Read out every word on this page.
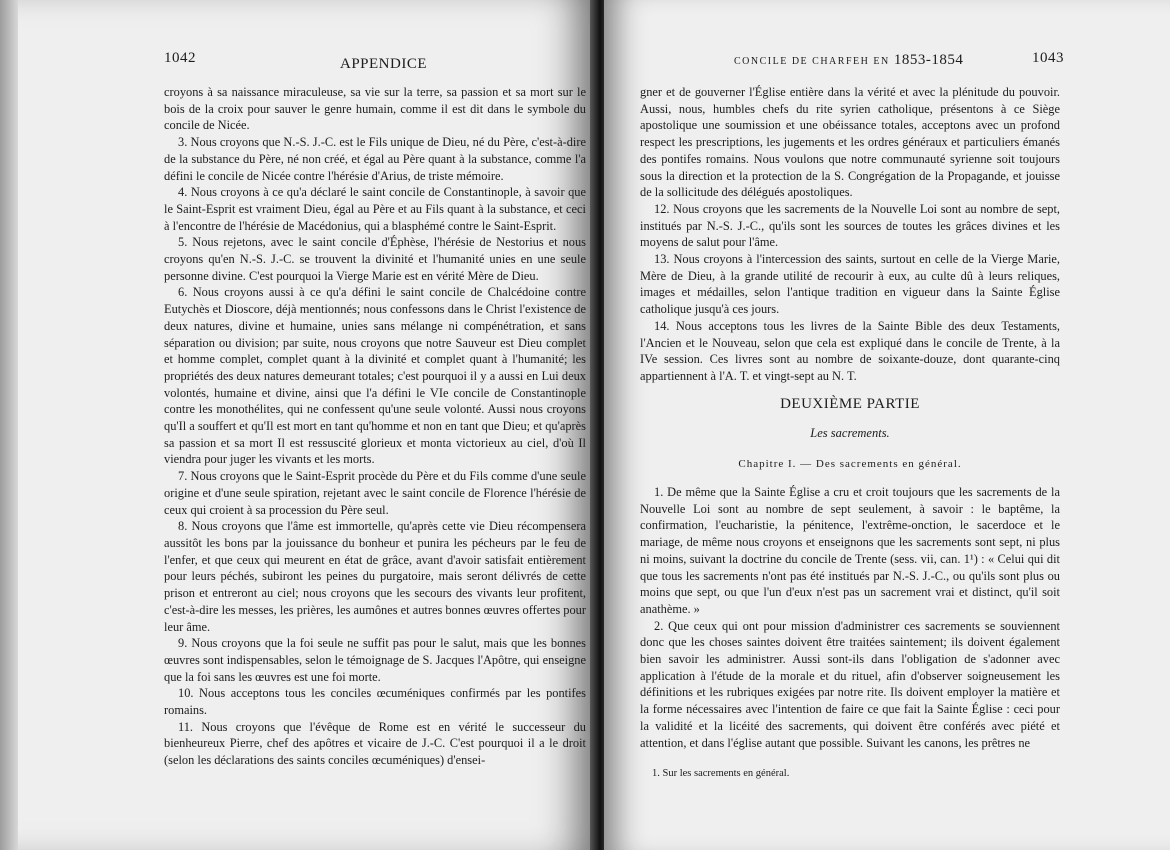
1042	APPENDICE

croyons à sa naissance miraculeuse, sa vie sur la terre, sa passion et sa mort sur le bois de la croix pour sauver le genre humain, comme il est dit dans le symbole du concile de Nicée.

3. Nous croyons que N.-S. J.-C. est le Fils unique de Dieu, né du Père, c'est-à-dire de la substance du Père, né non créé, et égal au Père quant à la substance, comme l'a défini le concile de Nicée contre l'hérésie d'Arius, de triste mémoire.

4. Nous croyons à ce qu'a déclaré le saint concile de Constantinople, à savoir que le Saint-Esprit est vraiment Dieu, égal au Père et au Fils quant à la substance, et ceci à l'encontre de l'hérésie de Macédonius, qui a blasphémé contre le Saint-Esprit.

5. Nous rejetons, avec le saint concile d'Éphèse, l'hérésie de Nestorius et nous croyons qu'en N.-S. J.-C. se trouvent la divinité et l'humanité unies en une seule personne divine. C'est pourquoi la Vierge Marie est en vérité Mère de Dieu.

6. Nous croyons aussi à ce qu'a défini le saint concile de Chalcédoine contre Eutychès et Dioscore, déjà mentionnés; nous confessons dans le Christ l'existence de deux natures, divine et humaine, unies sans mélange ni compénétration, et sans séparation ou division; par suite, nous croyons que notre Sauveur est Dieu complet et homme complet, complet quant à la divinité et complet quant à l'humanité; les propriétés des deux natures demeurant totales; c'est pourquoi il y a aussi en Lui deux volontés, humaine et divine, ainsi que l'a défini le VIe concile de Constantinople contre les monothélites, qui ne confessent qu'une seule volonté. Aussi nous croyons qu'Il a souffert et qu'Il est mort en tant qu'homme et non en tant que Dieu; et qu'après sa passion et sa mort Il est ressuscité glorieux et monta victorieux au ciel, d'où Il viendra pour juger les vivants et les morts.

7. Nous croyons que le Saint-Esprit procède du Père et du Fils comme d'une seule origine et d'une seule spiration, rejetant avec le saint concile de Florence l'hérésie de ceux qui croient à sa procession du Père seul.

8. Nous croyons que l'âme est immortelle, qu'après cette vie Dieu récompensera aussitôt les bons par la jouissance du bonheur et punira les pécheurs par le feu de l'enfer, et que ceux qui meurent en état de grâce, avant d'avoir satisfait entièrement pour leurs péchés, subiront les peines du purgatoire, mais seront délivrés de cette prison et entreront au ciel; nous croyons que les secours des vivants leur profitent, c'est-à-dire les messes, les prières, les aumônes et autres bonnes œuvres offertes pour leur âme.

9. Nous croyons que la foi seule ne suffit pas pour le salut, mais que les bonnes œuvres sont indispensables, selon le témoignage de S. Jacques l'Apôtre, qui enseigne que la foi sans les œuvres est une foi morte.

10. Nous acceptons tous les conciles œcuméniques confirmés par les pontifes romains.

11. Nous croyons que l'évêque de Rome est en vérité le successeur du bienheureux Pierre, chef des apôtres et vicaire de J.-C. C'est pourquoi il a le droit (selon les déclarations des saints conciles œcuméniques) d'ensei-

CONCILE DE CHARFEH EN 1853-1854	1043

gner et de gouverner l'Église entière dans la vérité et avec la plénitude du pouvoir. Aussi, nous, humbles chefs du rite syrien catholique, présentons à ce Siège apostolique une soumission et une obéissance totales, acceptons avec un profond respect les prescriptions, les jugements et les ordres généraux et particuliers émanés des pontifes romains. Nous voulons que notre communauté syrienne soit toujours sous la direction et la protection de la S. Congrégation de la Propagande, et jouisse de la sollicitude des délégués apostoliques.

12. Nous croyons que les sacrements de la Nouvelle Loi sont au nombre de sept, institués par N.-S. J.-C., qu'ils sont les sources de toutes les grâces divines et les moyens de salut pour l'âme.

13. Nous croyons à l'intercession des saints, surtout en celle de la Vierge Marie, Mère de Dieu, à la grande utilité de recourir à eux, au culte dû à leurs reliques, images et médailles, selon l'antique tradition en vigueur dans la Sainte Église catholique jusqu'à ces jours.

14. Nous acceptons tous les livres de la Sainte Bible des deux Testaments, l'Ancien et le Nouveau, selon que cela est expliqué dans le concile de Trente, à la IVe session. Ces livres sont au nombre de soixante-douze, dont quarante-cinq appartiennent à l'A. T. et vingt-sept au N. T.

DEUXIÈME PARTIE
Les sacrements.
Chapitre I. — Des sacrements en général.

1. De même que la Sainte Église a cru et croit toujours que les sacrements de la Nouvelle Loi sont au nombre de sept seulement, à savoir : le baptême, la confirmation, l'eucharistie, la pénitence, l'extrême-onction, le sacerdoce et le mariage, de même nous croyons et enseignons que les sacrements sont sept, ni plus ni moins, suivant la doctrine du concile de Trente (sess. vii, can. 1¹) : « Celui qui dit que tous les sacrements n'ont pas été institués par N.-S. J.-C., ou qu'ils sont plus ou moins que sept, ou que l'un d'eux n'est pas un sacrement vrai et distinct, qu'il soit anathème. »

2. Que ceux qui ont pour mission d'administrer ces sacrements se souviennent donc que les choses saintes doivent être traitées saintement; ils doivent également bien savoir les administrer. Aussi sont-ils dans l'obligation de s'adonner avec application à l'étude de la morale et du rituel, afin d'observer soigneusement les définitions et les rubriques exigées par notre rite. Ils doivent employer la matière et la forme nécessaires avec l'intention de faire ce que fait la Sainte Église : ceci pour la validité et la licéité des sacrements, qui doivent être conférés avec piété et attention, et dans l'église autant que possible. Suivant les canons, les prêtres ne

1. Sur les sacrements en général.
